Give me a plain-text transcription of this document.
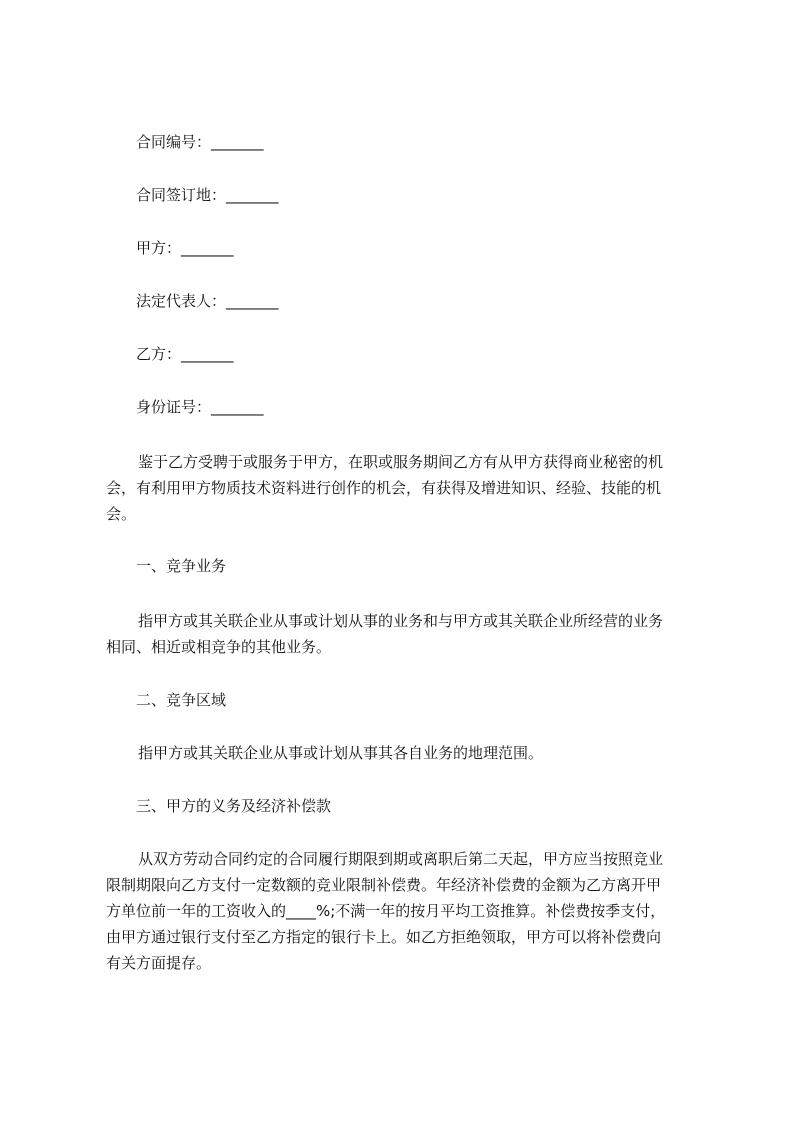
合同编号：_______
合同签订地：_______
甲方：_______
法定代表人：_______
乙方：_______
身份证号：_______
鉴于乙方受聘于或服务于甲方，在职或服务期间乙方有从甲方获得商业秘密的机
会，有利用甲方物质技术资料进行创作的机会，有获得及增进知识、经验、技能的机
会。
一、竞争业务
指甲方或其关联企业从事或计划从事的业务和与甲方或其关联企业所经营的业务
相同、相近或相竞争的其他业务。
二、竞争区域
指甲方或其关联企业从事或计划从事其各自业务的地理范围。
三、甲方的义务及经济补偿款
从双方劳动合同约定的合同履行期限到期或离职后第二天起，甲方应当按照竞业
限制期限向乙方支付一定数额的竞业限制补偿费。年经济补偿费的金额为乙方离开甲
方单位前一年的工资收入的____%;不满一年的按月平均工资推算。补偿费按季支付，
由甲方通过银行支付至乙方指定的银行卡上。如乙方拒绝领取，甲方可以将补偿费向
有关方面提存。
